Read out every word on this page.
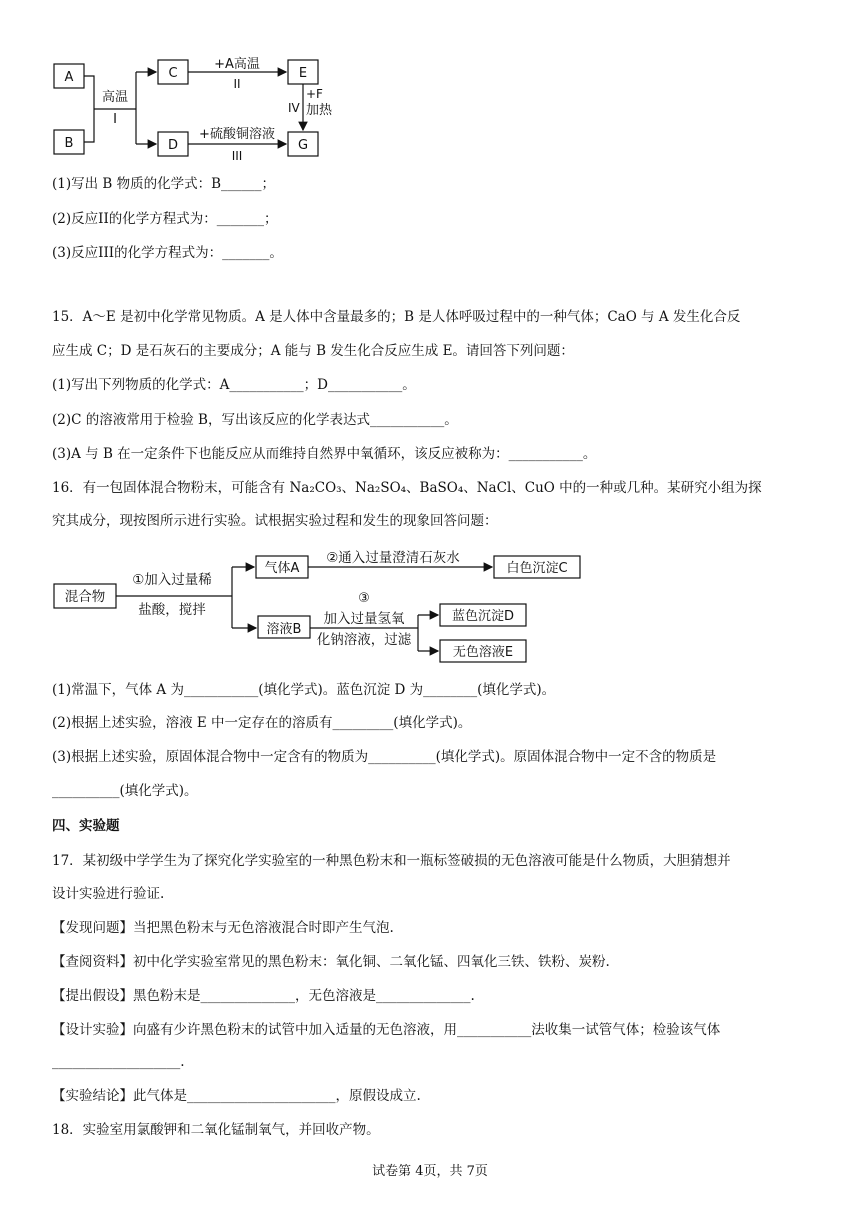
A
B
C
D
E
G
高温
I
+A高温
II
+硫酸铜溶液
III
IV
+F
加热
(1)写出 B 物质的化学式：B______；
(2)反应II的化学方程式为：_______；
(3)反应III的化学方程式为：_______。
15．A～E 是初中化学常见物质。A 是人体中含量最多的；B 是人体呼吸过程中的一种气体；CaO 与 A 发生化合反
应生成 C；D 是石灰石的主要成分；A 能与 B 发生化合反应生成 E。请回答下列问题：
(1)写出下列物质的化学式：A___________；D___________。
(2)C 的溶液常用于检验 B，写出该反应的化学表达式___________。
(3)A 与 B 在一定条件下也能反应从而维持自然界中氧循环，该反应被称为：___________。
16．有一包固体混合物粉末，可能含有 Na₂CO₃、Na₂SO₄、BaSO₄、NaCl、CuO 中的一种或几种。某研究小组为探
究其成分，现按图所示进行实验。试根据实验过程和发生的现象回答问题：
混合物
①加入过量稀
盐酸，搅拌
气体A
②通入过量澄清石灰水
白色沉淀C
③
溶液B
加入过量氢氧
化钠溶液，过滤
蓝色沉淀D
无色溶液E
(1)常温下，气体 A 为___________(填化学式)。蓝色沉淀 D 为________(填化学式)。
(2)根据上述实验，溶液 E 中一定存在的溶质有_________(填化学式)。
(3)根据上述实验，原固体混合物中一定含有的物质为__________(填化学式)。原固体混合物中一定不含的物质是
__________(填化学式)。
四、实验题
17．某初级中学学生为了探究化学实验室的一种黑色粉末和一瓶标签破损的无色溶液可能是什么物质，大胆猜想并
设计实验进行验证.
【发现问题】当把黑色粉末与无色溶液混合时即产生气泡.
【查阅资料】初中化学实验室常见的黑色粉末：氧化铜、二氧化锰、四氧化三铁、铁粉、炭粉.
【提出假设】黑色粉末是______________，无色溶液是______________.
【设计实验】向盛有少许黑色粉末的试管中加入适量的无色溶液，用___________法收集一试管气体；检验该气体
___________________.
【实验结论】此气体是______________________，原假设成立.
18．实验室用氯酸钾和二氧化锰制氧气，并回收产物。
试卷第 4页，共 7页
